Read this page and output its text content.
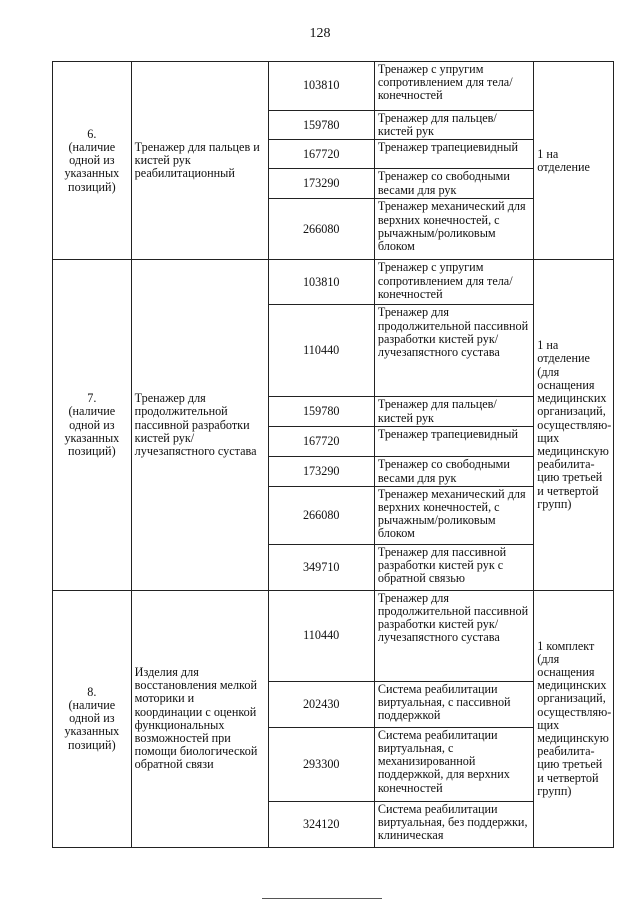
128
6.
(наличие одной из указанных позиций)	Тренажер для пальцев и кистей рук реабилитационный	103810	Тренажер с упругим сопротивлением для тела/ конечностей	1 на отделение
		159780	Тренажер для пальцев/кистей рук	
		167720	Тренажер трапециевидный	
		173290	Тренажер со свободными весами для рук	
		266080	Тренажер механический для верхних конечностей, с рычажным/роликовым блоком	

7.
(наличие одной из указанных позиций)	Тренажер для продолжительной пассивной разработки кистей рук/лучезапястного сустава	103810	Тренажер с упругим сопротивлением для тела/конечностей	1 на отделение (для оснащения медицинских организаций, осуществляю-щих медицинскую реабилита-цию третьей и четвертой групп)
		110440	Тренажер для продолжительной пассивной разработки кистей рук/лучезапястного сустава	
		159780	Тренажер для пальцев/кистей рук	
		167720	Тренажер трапециевидный	
		173290	Тренажер со свободными весами для рук	
		266080	Тренажер механический для верхних конечностей, с рычажным/роликовым блоком	
		349710	Тренажер для пассивной разработки кистей рук с обратной связью	

8.
(наличие одной из указанных позиций)	Изделия для восстановления мелкой моторики и координации с оценкой функциональных возможностей при помощи биологической обратной связи	110440	Тренажер для продолжительной пассивной разработки кистей рук/лучезапястного сустава	1 комплект (для оснащения медицинских организаций, осуществляю-щих медицинскую реабилита-цию третьей и четвертой групп)
		202430	Система реабилитации виртуальная, с пассивной поддержкой	
		293300	Система реабилитации виртуальная, с механизированной поддержкой, для верхних конечностей	
		324120	Система реабилитации виртуальная, без поддержки, клиническая	
